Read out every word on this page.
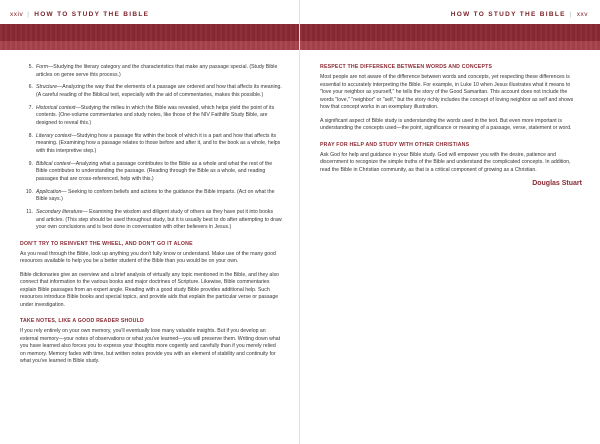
xxiv | HOW TO STUDY THE BIBLE
5. Form—Studying the literary category and the characteristics that make any passage special. (Study Bible articles on genre serve this process.)
6. Structure—Analyzing the way that the elements of a passage are ordered and how that affects its meaning. (A careful reading of the Biblical text, especially with the aid of commentaries, makes this possible.)
7. Historical context—Studying the milieu in which the Bible was revealed, which helps yield the point of its contents. (One-volume commentaries and study notes, like those of the NIV Faithlife Study Bible, are designed to reveal this.)
8. Literary context—Studying how a passage fits within the book of which it is a part and how that affects its meaning. (Examining how a passage relates to those before and after it, and to the book as a whole, helps with this interpretive step.)
9. Biblical context—Analyzing what a passage contributes to the Bible as a whole and what the rest of the Bible contributes to understanding the passage. (Reading through the Bible as a whole, and reading passages that are cross-referenced, help with this.)
10. Application— Seeking to conform beliefs and actions to the guidance the Bible imparts. (Act on what the Bible says.)
11. Secondary literature— Examining the wisdom and diligent study of others as they have put it into books and articles. (This step should be used throughout study, but it is usually best to do after attempting to draw your own conclusions and is best done in conversation with other believers in Jesus.)
DON'T TRY TO REINVENT THE WHEEL, AND DON'T GO IT ALONE

As you read through the Bible, look up anything you don't fully know or understand. Make use of the many good resources available to help you be a better student of the Bible than you would be on your own.

Bible dictionaries give an overview and a brief analysis of virtually any topic mentioned in the Bible, and they also connect that information to the various books and major doctrines of Scripture. Likewise, Bible commentaries explain Bible passages from an expert angle. Reading with a good study Bible provides additional help. Such resources introduce Bible books and special topics, and provide aids that explain the particular verse or passage under investigation.

TAKE NOTES, LIKE A GOOD READER SHOULD

If you rely entirely on your own memory, you'll eventually lose many valuable insights. But if you develop an external memory—your notes of observations or what you've learned—you will preserve them. Writing down what you have learned also forces you to express your thoughts more cogently and carefully than if you merely relied on memory. Memory fades with time, but written notes provide you with an element of stability and continuity for what you've learned in Bible study.

HOW TO STUDY THE BIBLE | xxv
RESPECT THE DIFFERENCE BETWEEN WORDS AND CONCEPTS

Most people are not aware of the difference between words and concepts, yet respecting these differences is essential to accurately interpreting the Bible. For example, in Luke 10 when Jesus illustrates what it means to "love your neighbor as yourself," he tells the story of the Good Samaritan. This account does not include the words "love," "neighbor" or "self," but the story richly includes the concept of loving neighbor as self and shows how that concept works in an exemplary illustration.

A significant aspect of Bible study is understanding the words used in the text. But even more important is understanding the concepts used—the point, significance or meaning of a passage, verse, statement or word.

PRAY FOR HELP AND STUDY WITH OTHER CHRISTIANS

Ask God for help and guidance in your Bible study. God will empower you with the desire, patience and discernment to recognize the simple truths of the Bible and understand the complicated concepts. In addition, read the Bible in Christian community, as that is a critical component of growing as a Christian.

Douglas Stuart
